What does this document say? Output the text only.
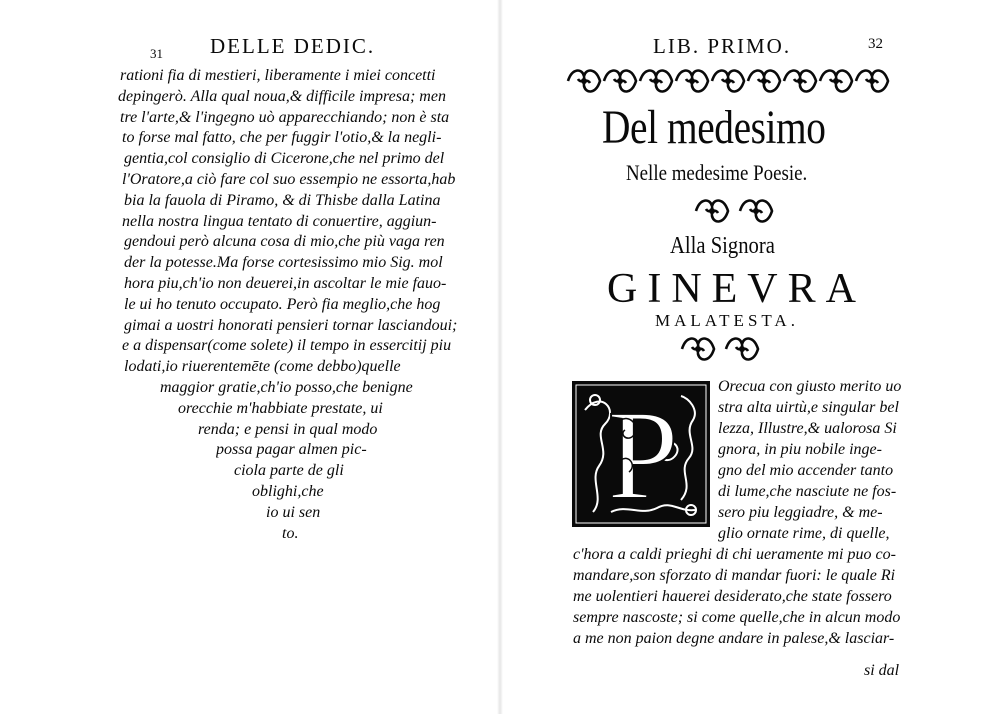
31 DELLE DEDIC.
rationi fia di mestieri, liberamente i miei concetti
depingerò. Alla qual noua,& difficile impresa; men
tre l'arte,& l'ingegno uò apparecchiando; non è sta
to forse mal fatto, che per fuggir l'otio,& la negli-
gentia,col consiglio di Cicerone,che nel primo del
l'Oratore,a ciò fare col suo essempio ne essorta,hab
bia la fauola di Piramo, & di Thisbe dalla Latina
nella nostra lingua tentato di conuertire, aggiun-
gendoui però alcuna cosa di mio,che più vaga ren
der la potesse.Ma forse cortesissimo mio Sig. mol
hora piu,ch'io non deuerei,in ascoltar le mie fauo-
le ui ho tenuto occupato. Però fia meglio,che hog
gimai a uostri honorati pensieri tornar lasciandoui;
e a dispensar(come solete) il tempo in essercitij piu
lodati,io riuerentemēte (come debbo)quelle
maggior gratie,ch'io posso,che benigne
orecchie m'habbiate prestate, ui
renda; e pensi in qual modo
possa pagar almen pic-
ciola parte de gli
oblighi,che
io ui sen
to.
LIB. PRIMO.	32
Del medesimo
Nelle medesime Poesie.
Alla Signora
GINEVRA
MALATESTA.
P Orecua con giusto merito uo
stra alta uirtù,e singular bel
lezza, Illustre,& ualorosa Si
gnora, in piu nobile inge-
gno del mio accender tanto
di lume,che nasciute ne fos-
sero piu leggiadre, & me-
glio ornate rime, di quelle,
c'hora a caldi prieghi di chi ueramente mi puo co-
mandare,son sforzato di mandar fuori: le quale Ri
me uolentieri hauerei desiderato,che state fossero
sempre nascoste; si come quelle,che in alcun modo
a me non paion degne andare in palese,& lasciar-
si dal
